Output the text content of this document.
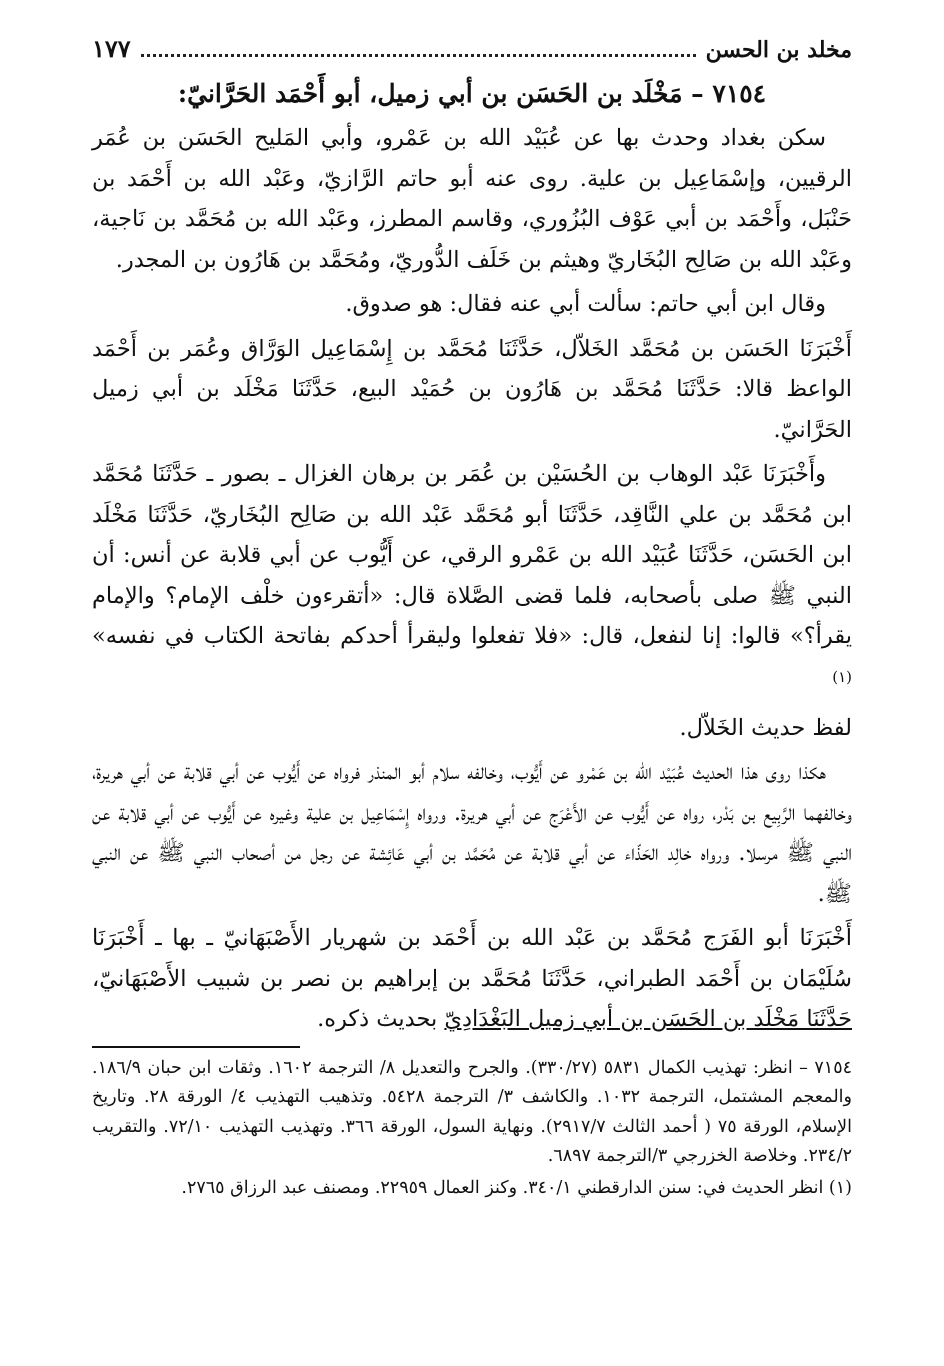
مخلد بن الحسن
١٧٧
٧١٥٤ – مَخْلَد بن الحَسَن بن أبي زميل، أبو أَحْمَد الحَرَّانيّ:

سكن بغداد وحدث بها عن عُبَيْد الله بن عَمْرو، وأبي المَليح الحَسَن بن عُمَر الرقيين، وإسْمَاعِيل بن علية. روى عنه أبو حاتم الرَّازيّ، وعَبْد الله بن أَحْمَد بن حَنْبَل، وأَحْمَد بن أبي عَوْف البُزُوري، وقاسم المطرز، وعَبْد الله بن مُحَمَّد بن نَاجية، وعَبْد الله بن صَالِح البُخَاريّ وهيثم بن خَلَف الدُّوريّ، ومُحَمَّد بن هَارُون بن المجدر.

وقال ابن أبي حاتم: سألت أبي عنه فقال: هو صدوق.

أَخْبَرَنَا الحَسَن بن مُحَمَّد الخَلاّل، حَدَّثَنَا مُحَمَّد بن إِسْمَاعِيل الوَرَّاق وعُمَر بن أَحْمَد الواعظ قالا: حَدَّثَنَا مُحَمَّد بن هَارُون بن حُمَيْد البيع، حَدَّثَنَا مَخْلَد بن أبي زميل الحَرَّانيّ.

وأَخْبَرَنَا عَبْد الوهاب بن الحُسَيْن بن عُمَر بن برهان الغزال ـ بصور ـ حَدَّثَنَا مُحَمَّد ابن مُحَمَّد بن علي النَّاقِد، حَدَّثَنَا أبو مُحَمَّد عَبْد الله بن صَالِح البُخَاريّ، حَدَّثَنَا مَخْلَد ابن الحَسَن، حَدَّثَنَا عُبَيْد الله بن عَمْرو الرقي، عن أَيُّوب عن أبي قلابة عن أنس: أن النبي ﷺ صلى بأصحابه، فلما قضى الصَّلاة قال: «أتقرءون خلْف الإمام؟ والإمام يقرأ؟» قالوا: إنا لنفعل، قال: «فلا تفعلوا وليقرأ أحدكم بفاتحة الكتاب في نفسه» $^{(١)}$

لفظ حديث الخَلاّل.

هكذا روى هذا الحديث عُبَيْد الله بن عَمْرو عن أَيُّوب، وخالفه سلام أبو المنذر فرواه عن أَيُّوب عن أبي قلابة عن أبي هريرة، وخالفهما الرَّبِيع بن بَدْر، رواه عن أَيُّوب عن الأَعْرَج عن أبي هريرة. ورواه إِسْمَاعِيل بن علية وغيره عن أَيُّوب عن أبي قلابة عن النبي ﷺ مرسلا. ورواه خالِد الحَذّاء عن أبي قلابة عن مُحَمَّد بن أبي عَائِشة عن رجل من أصحاب النبي ﷺ عن النبي ﷺ.

أَخْبَرَنَا أبو الفَرَج مُحَمَّد بن عَبْد الله بن أَحْمَد بن شهريار الأَصْبَهَانيّ ـ بها ـ أَخْبَرَنَا سُلَيْمَان بن أَحْمَد الطبراني، حَدَّثَنَا مُحَمَّد بن إبراهيم بن نصر بن شبيب الأَصْبَهَانيّ، حَدَّثَنَا مَخْلَد بن الحَسَن بن أبي زميل البَغْدَادِيّ بحديث ذكره.

٧١٥٤ – انظر: تهذيب الكمال ٥٨٣١ (٣٣٠/٢٧). والجرح والتعديل ٨/ الترجمة ١٦٠٢. وثقات ابن حبان ١٨٦/٩. والمعجم المشتمل، الترجمة ١٠٣٢. والكاشف ٣/ الترجمة ٥٤٢٨. وتذهيب التهذيب ٤/ الورقة ٢٨. وتاريخ الإسلام، الورقة ٧٥ ( أحمد الثالث ٢٩١٧/٧). ونهاية السول، الورقة ٣٦٦. وتهذيب التهذيب ٧٢/١٠. والتقريب ٢٣٤/٢. وخلاصة الخزرجي ٣/الترجمة ٦٨٩٧.

(١) انظر الحديث في: سنن الدارقطني ٣٤٠/١. وكنز العمال ٢٢٩٥٩. ومصنف عبد الرزاق ٢٧٦٥.
